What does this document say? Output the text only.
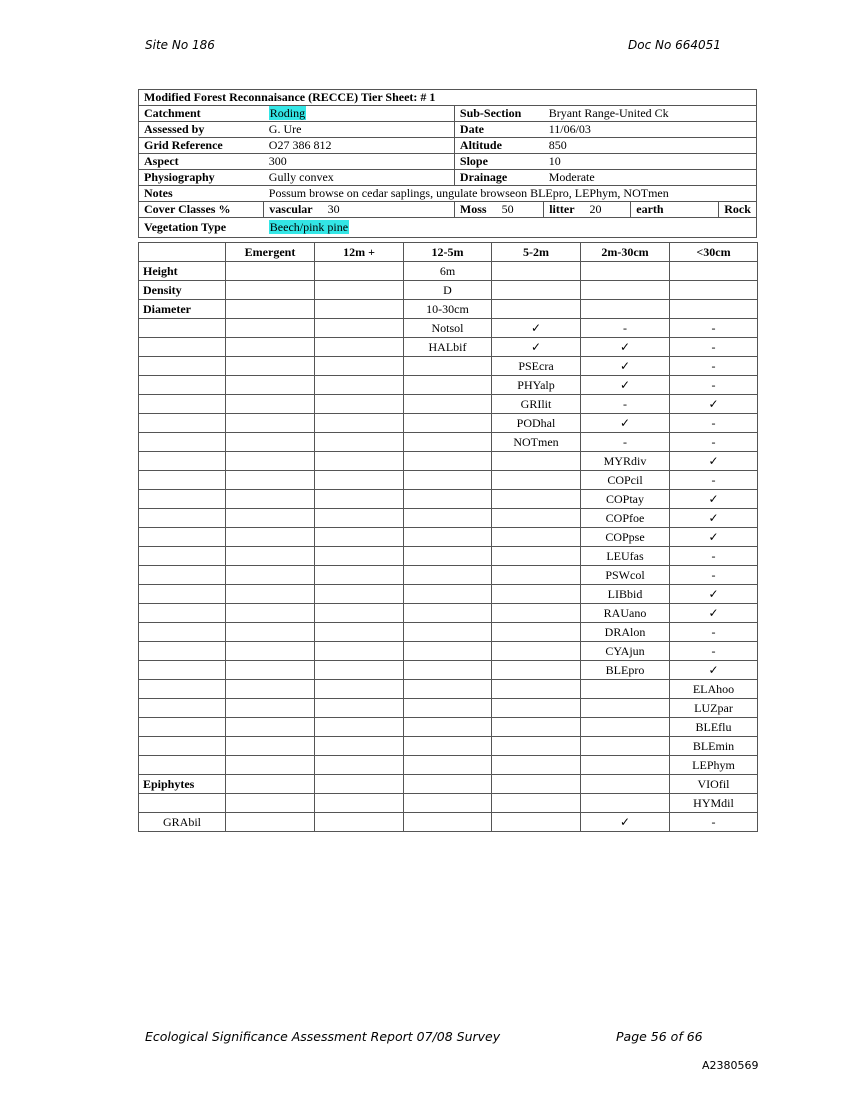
Site No 186	Doc No 664051
Modified Forest Reconnaisance (RECCE) Tier Sheet: # 1					
Catchment	Roding	Sub-Section	Bryant Range-United Ck		
Assessed by	G. Ure	Date	11/06/03		
Grid Reference	O27 386 812	Altitude	850		
Aspect	300	Slope	10		
Physiography	Gully convex	Drainage	Moderate		
Notes	Possum browse on cedar saplings, ungulate browseon BLEpro, LEPhym, NOTmen				
Cover Classes %	vascular 30	Moss 50	litter 20	earth	Rock
Vegetation Type	Beech/pink pine				
	Emergent	12m +	12-5m	5-2m	2m-30cm	<30cm
Height			6m			
Density			D			
Diameter			10-30cm			
			Notsol	✓	-	-
			HALbif	✓	✓	-
				PSEcra	✓	-
				PHYalp	✓	-
				GRIlit	-	✓
				PODhal	✓	-
				NOTmen	-	-
					MYRdiv	✓
					COPcil	-
					COPtay	✓
					COPfoe	✓
					COPpse	✓
					LEUfas	-
					PSWcol	-
					LIBbid	✓
					RAUano	✓
					DRAlon	-
					CYAjun	-
					BLEpro	✓
						ELAhoo
						LUZpar
						BLEflu
						BLEmin
						LEPhym
Epiphytes						VIOfil
						HYMdil
GRAbil					✓	-
Ecological Significance Assessment Report 07/08 Survey	Page 56 of 66
A2380569
